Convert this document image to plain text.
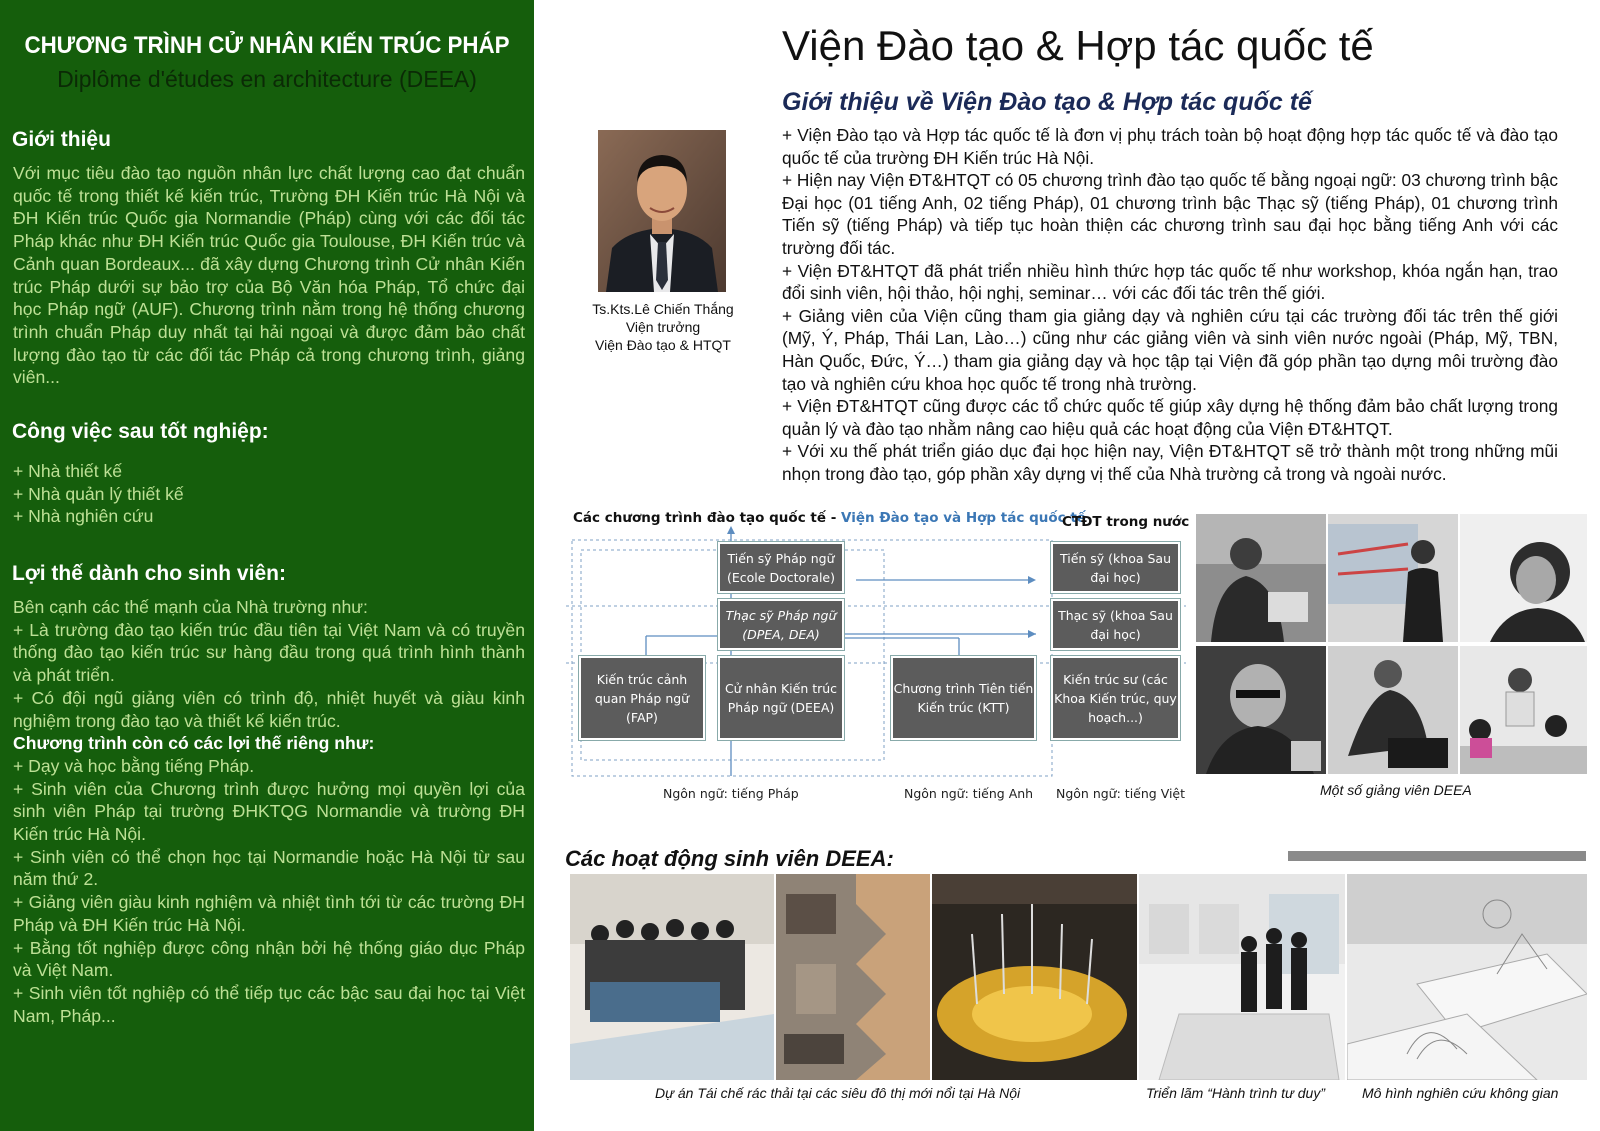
CHƯƠNG TRÌNH CỬ NHÂN KIẾN TRÚC PHÁP
Diplôme d'études en architecture (DEEA)
Giới thiệu
Với mục tiêu đào tạo nguồn nhân lực chất lượng cao đạt chuẩn quốc tế trong thiết kế kiến trúc, Trường ĐH Kiến trúc Hà Nội và ĐH Kiến trúc Quốc gia Normandie (Pháp) cùng với các đối tác Pháp khác như ĐH Kiến trúc Quốc gia Toulouse, ĐH Kiến trúc và Cảnh quan Bordeaux... đã xây dựng Chương trình Cử nhân Kiến trúc Pháp dưới sự bảo trợ của Bộ Văn hóa Pháp, Tổ chức đại học Pháp ngữ (AUF). Chương trình nằm trong hệ thống chương trình chuẩn Pháp duy nhất tại hải ngoại và được đảm bảo chất lượng đào tạo từ các đối tác Pháp cả trong chương trình, giảng viên...
Công việc sau tốt nghiệp:

+ Nhà thiết kế

+ Nhà quản lý thiết kế

+ Nhà nghiên cứu

Lợi thế dành cho sinh viên:

Bên cạnh các thế mạnh của Nhà trường như:

+ Là trường đào tạo kiến trúc đầu tiên tại Việt Nam và có truyền thống đào tạo kiến trúc sư hàng đầu trong quá trình hình thành và phát triển.

+ Có đội ngũ giảng viên có trình độ, nhiệt huyết và giàu kinh nghiệm trong đào tạo và thiết kế kiến trúc.

Chương trình còn có các lợi thế riêng như:

+ Dạy và học bằng tiếng Pháp.

+ Sinh viên của Chương trình được hưởng mọi quyền lợi của sinh viên Pháp tại trường ĐHKTQG Normandie và trường ĐH Kiến trúc Hà Nội.

+ Sinh viên có thể chọn học tại Normandie hoặc Hà Nội từ sau năm thứ 2.

+ Giảng viên giàu kinh nghiệm và nhiệt tình tới từ các trường ĐH Pháp và ĐH Kiến trúc Hà Nội.

+ Bằng tốt nghiệp được công nhận bởi hệ thống giáo dục Pháp và Việt Nam.

+ Sinh viên tốt nghiệp có thể tiếp tục các bậc sau đại học tại Việt Nam, Pháp...

Viện Đào tạo & Hợp tác quốc tế
Giới thiệu về Viện Đào tạo & Hợp tác quốc tế
Ts.Kts.Lê Chiến Thắng
Viện trưởng
Viện Đào tạo & HTQT

+ Viện Đào tạo và Hợp tác quốc tế là đơn vị phụ trách toàn bộ hoạt động hợp tác quốc tế và đào tạo quốc tế của trường ĐH Kiến trúc Hà Nội.

+ Hiện nay Viện ĐT&HTQT có 05 chương trình đào tạo quốc tế bằng ngoại ngữ: 03 chương trình bậc Đại học (01 tiếng Anh, 02 tiếng Pháp), 01 chương trình bậc Thạc sỹ (tiếng Pháp), 01 chương trình Tiến sỹ (tiếng Pháp) và tiếp tục hoàn thiện các chương trình sau đại học bằng tiếng Anh với các trường đối tác.

+ Viện ĐT&HTQT đã phát triển nhiều hình thức hợp tác quốc tế như workshop, khóa ngắn hạn, trao đổi sinh viên, hội thảo, hội nghị, seminar… với các đối tác trên thế giới.

+ Giảng viên của Viện cũng tham gia giảng dạy và nghiên cứu tại các trường đối tác trên thế giới (Mỹ, Ý, Pháp, Thái Lan, Lào…) cũng như các giảng viên và sinh viên nước ngoài (Pháp, Mỹ, TBN, Hàn Quốc, Đức, Ý…) tham gia giảng dạy và học tập tại Viện đã góp phần tạo dựng môi trường đào tạo và nghiên cứu khoa học quốc tế trong nhà trường.

+ Viện ĐT&HTQT cũng được các tổ chức quốc tế giúp xây dựng hệ thống đảm bảo chất lượng trong quản lý và đào tạo nhằm nâng cao hiệu quả các hoạt động của Viện ĐT&HTQT.

+ Với xu thế phát triển giáo dục đại học hiện nay, Viện ĐT&HTQT sẽ trở thành một trong những mũi nhọn trong đào tạo, góp phần xây dựng vị thế của Nhà trường cả trong và ngoài nước.

Các chương trình đào tạo quốc tế - Viện Đào tạo và Hợp tác quốc tế
CTĐT trong nước
Tiến sỹ Pháp ngữ (Ecole Doctorale)
Thạc sỹ Pháp ngữ (DPEA, DEA)
Kiến trúc cảnh quan Pháp ngữ (FAP)
Cử nhân Kiến trúc Pháp ngữ (DEEA)
Chương trình Tiên tiến Kiến trúc (KTT)
Tiến sỹ (khoa Sau đại học)
Thạc sỹ (khoa Sau đại học)
Kiến trúc sư (các Khoa Kiến trúc, quy hoạch...)
Ngôn ngữ: tiếng Pháp	Ngôn ngữ: tiếng Anh Ngôn ngữ: tiếng Việt	Một số giảng viên DEEA
Các hoạt động sinh viên DEEA:
Dự án Tái chế rác thải tại các siêu đô thị mới nổi tại Hà Nội	Triển lãm “Hành trình tư duy”	Mô hình nghiên cứu không gian
